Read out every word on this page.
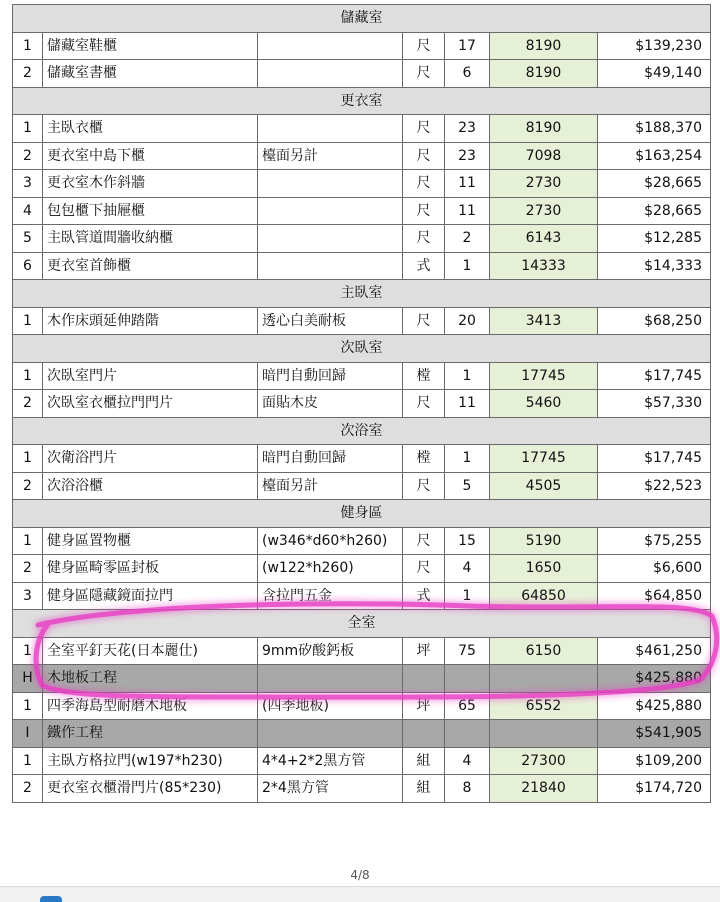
儲藏室						
1	儲藏室鞋櫃		尺	17	8190	$139,230
2	儲藏室書櫃		尺	6	8190	$49,140
更衣室						
1	主臥衣櫃		尺	23	8190	$188,370
2	更衣室中島下櫃	檯面另計	尺	23	7098	$163,254
3	更衣室木作斜牆		尺	11	2730	$28,665
4	包包櫃下抽屜櫃		尺	11	2730	$28,665
5	主臥管道間牆收納櫃		尺	2	6143	$12,285
6	更衣室首飾櫃		式	1	14333	$14,333
主臥室						
1	木作床頭延伸踏階	透心白美耐板	尺	20	3413	$68,250
次臥室						
1	次臥室門片	暗門自動回歸	樘	1	17745	$17,745
2	次臥室衣櫃拉門門片	面貼木皮	尺	11	5460	$57,330
次浴室						
1	次衛浴門片	暗門自動回歸	樘	1	17745	$17,745
2	次浴浴櫃	檯面另計	尺	5	4505	$22,523
健身區						
1	健身區置物櫃	(w346*d60*h260)	尺	15	5190	$75,255
2	健身區畸零區封板	(w122*h260)	尺	4	1650	$6,600
3	健身區隱藏鏡面拉門	含拉門五金	式	1	64850	$64,850
全室						
1	全室平釘天花(日本麗仕)	9mm矽酸鈣板	坪	75	6150	$461,250
H	木地板工程					$425,880
1	四季海島型耐磨木地板	(四季地板)	坪	65	6552	$425,880
I	鐵作工程					$541,905
1	主臥方格拉門(w197*h230)	4*4+2*2黑方管	組	4	27300	$109,200
2	更衣室衣櫃滑門片(85*230)	2*4黑方管	組	8	21840	$174,720
4/8
